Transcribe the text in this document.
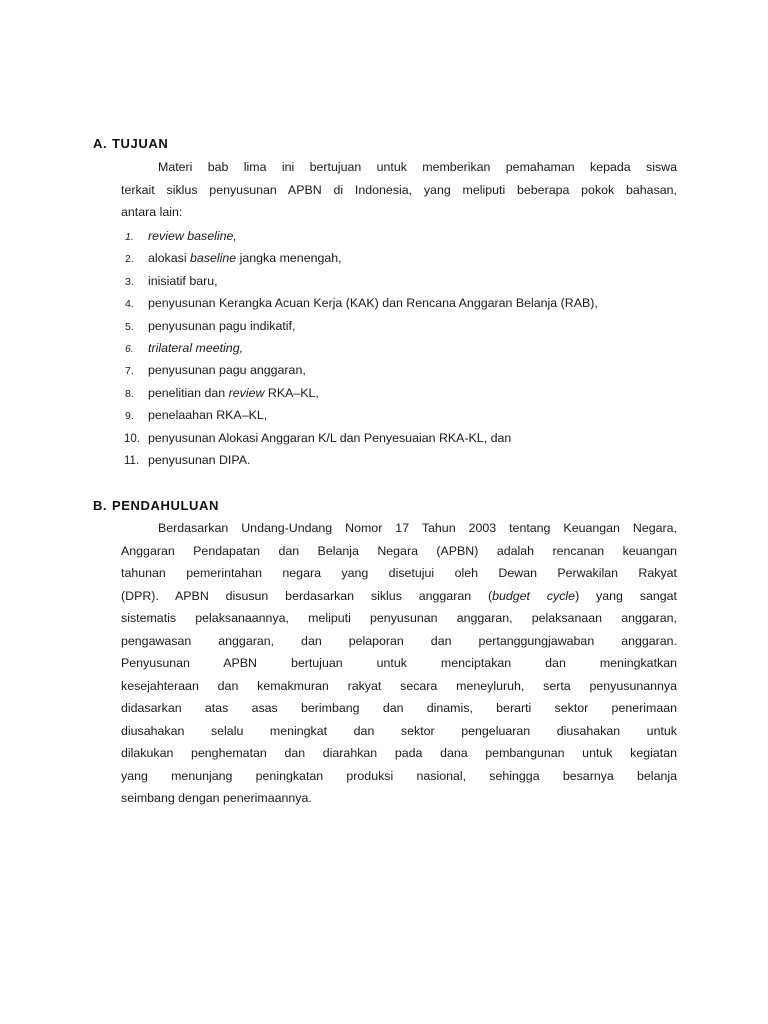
A. TUJUAN
Materi bab lima ini bertujuan untuk memberikan pemahaman kepada siswa
terkait siklus penyusunan APBN di Indonesia, yang meliputi beberapa pokok bahasan,
antara lain:
1. review baseline,
2. alokasi baseline jangka menengah,
3. inisiatif baru,
4. penyusunan Kerangka Acuan Kerja (KAK) dan Rencana Anggaran Belanja (RAB),
5. penyusunan pagu indikatif,
6. trilateral meeting,
7. penyusunan pagu anggaran,
8. penelitian dan review RKA–KL,
9. penelaahan RKA–KL,
10. penyusunan Alokasi Anggaran K/L dan Penyesuaian RKA-KL, dan
11. penyusunan DIPA.
B. PENDAHULUAN
Berdasarkan Undang-Undang Nomor 17 Tahun 2003 tentang Keuangan Negara,
Anggaran Pendapatan dan Belanja Negara (APBN) adalah rencanan keuangan
tahunan pemerintahan negara yang disetujui oleh Dewan Perwakilan Rakyat
(DPR). APBN disusun berdasarkan siklus anggaran (budget cycle) yang sangat
sistematis pelaksanaannya, meliputi penyusunan anggaran, pelaksanaan anggaran,
pengawasan anggaran, dan pelaporan dan pertanggungjawaban anggaran.
Penyusunan APBN bertujuan untuk menciptakan dan meningkatkan
kesejahteraan dan kemakmuran rakyat secara meneyluruh, serta penyusunannya
didasarkan atas asas berimbang dan dinamis, berarti sektor penerimaan
diusahakan selalu meningkat dan sektor pengeluaran diusahakan untuk
dilakukan penghematan dan diarahkan pada dana pembangunan untuk kegiatan
yang menunjang peningkatan produksi nasional, sehingga besarnya belanja
seimbang dengan penerimaannya.
